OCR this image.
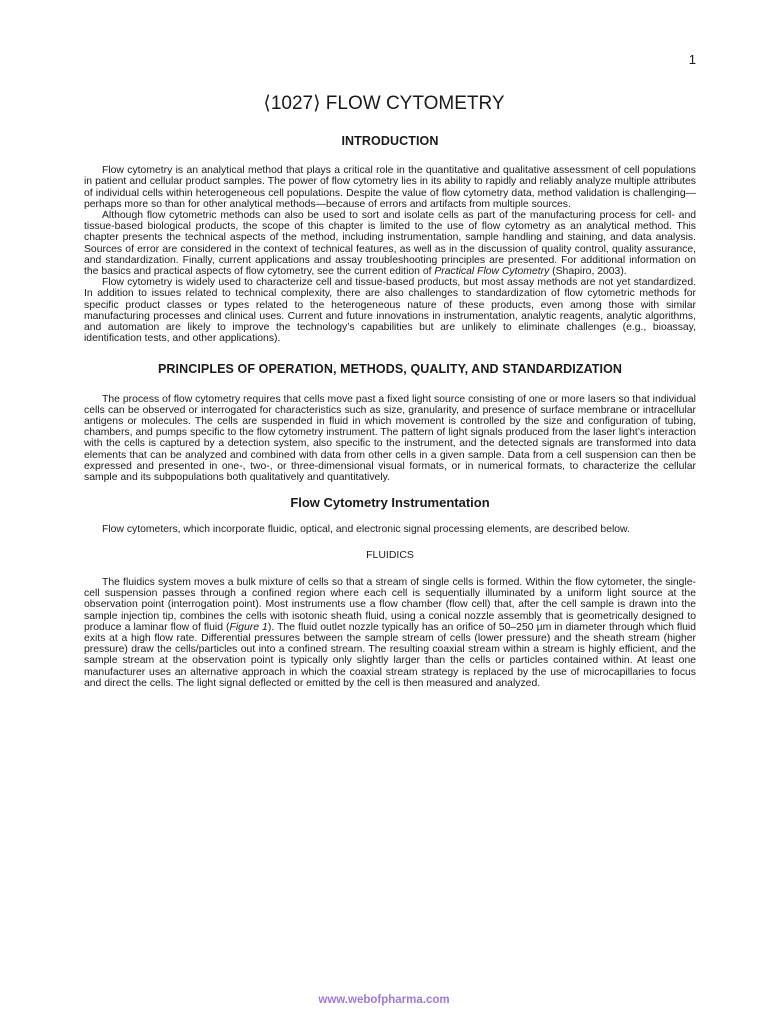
1
⟨1027⟩ FLOW CYTOMETRY
INTRODUCTION

Flow cytometry is an analytical method that plays a critical role in the quantitative and qualitative assessment of cell populations in patient and cellular product samples. The power of flow cytometry lies in its ability to rapidly and reliably analyze multiple attributes of individual cells within heterogeneous cell populations. Despite the value of flow cytometry data, method validation is challenging—perhaps more so than for other analytical methods—because of errors and artifacts from multiple sources.

Although flow cytometric methods can also be used to sort and isolate cells as part of the manufacturing process for cell- and tissue-based biological products, the scope of this chapter is limited to the use of flow cytometry as an analytical method. This chapter presents the technical aspects of the method, including instrumentation, sample handling and staining, and data analysis. Sources of error are considered in the context of technical features, as well as in the discussion of quality control, quality assurance, and standardization. Finally, current applications and assay troubleshooting principles are presented. For additional information on the basics and practical aspects of flow cytometry, see the current edition of Practical Flow Cytometry (Shapiro, 2003).

Flow cytometry is widely used to characterize cell and tissue-based products, but most assay methods are not yet standardized. In addition to issues related to technical complexity, there are also challenges to standardization of flow cytometric methods for specific product classes or types related to the heterogeneous nature of these products, even among those with similar manufacturing processes and clinical uses. Current and future innovations in instrumentation, analytic reagents, analytic algorithms, and automation are likely to improve the technology’s capabilities but are unlikely to eliminate challenges (e.g., bioassay, identification tests, and other applications).

PRINCIPLES OF OPERATION, METHODS, QUALITY, AND STANDARDIZATION

The process of flow cytometry requires that cells move past a fixed light source consisting of one or more lasers so that individual cells can be observed or interrogated for characteristics such as size, granularity, and presence of surface membrane or intracellular antigens or molecules. The cells are suspended in fluid in which movement is controlled by the size and configuration of tubing, chambers, and pumps specific to the flow cytometry instrument. The pattern of light signals produced from the laser light’s interaction with the cells is captured by a detection system, also specific to the instrument, and the detected signals are transformed into data elements that can be analyzed and combined with data from other cells in a given sample. Data from a cell suspension can then be expressed and presented in one-, two-, or three-dimensional visual formats, or in numerical formats, to characterize the cellular sample and its subpopulations both qualitatively and quantitatively.

Flow Cytometry Instrumentation

Flow cytometers, which incorporate fluidic, optical, and electronic signal processing elements, are described below.

FLUIDICS

The fluidics system moves a bulk mixture of cells so that a stream of single cells is formed. Within the flow cytometer, the single-cell suspension passes through a confined region where each cell is sequentially illuminated by a uniform light source at the observation point (interrogation point). Most instruments use a flow chamber (flow cell) that, after the cell sample is drawn into the sample injection tip, combines the cells with isotonic sheath fluid, using a conical nozzle assembly that is geometrically designed to produce a laminar flow of fluid (Figure 1). The fluid outlet nozzle typically has an orifice of 50–250 µm in diameter through which fluid exits at a high flow rate. Differential pressures between the sample stream of cells (lower pressure) and the sheath stream (higher pressure) draw the cells/particles out into a confined stream. The resulting coaxial stream within a stream is highly efficient, and the sample stream at the observation point is typically only slightly larger than the cells or particles contained within. At least one manufacturer uses an alternative approach in which the coaxial stream strategy is replaced by the use of microcapillaries to focus and direct the cells. The light signal deflected or emitted by the cell is then measured and analyzed.

www.webofpharma.com
